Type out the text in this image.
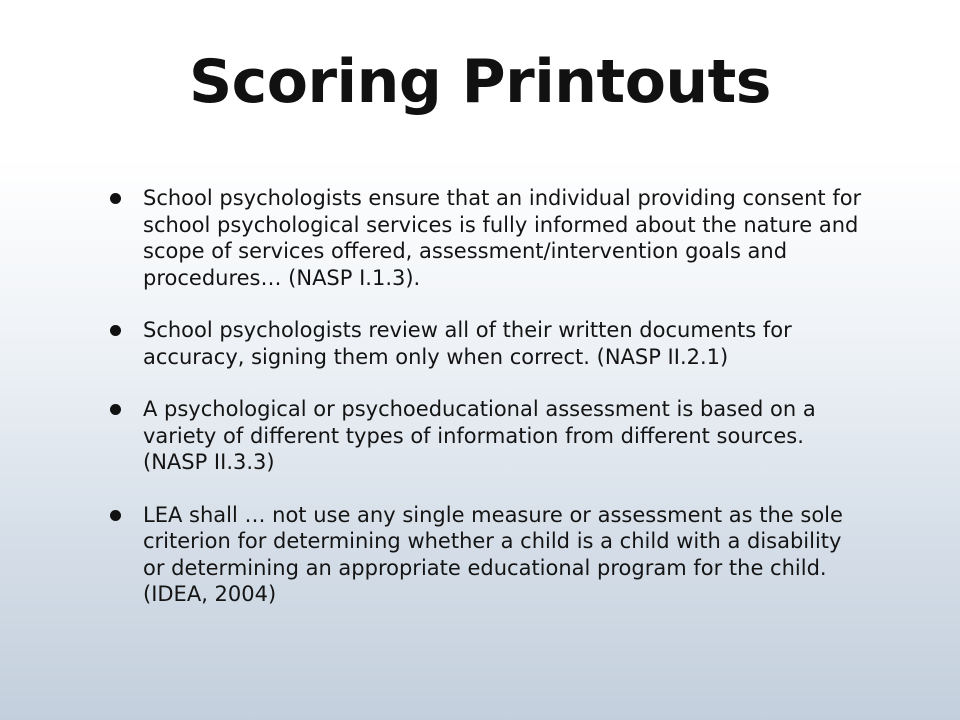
Scoring Printouts
School psychologists ensure that an individual providing consent for school psychological services is fully informed about the nature and scope of services offered, assessment/intervention goals and procedures… (NASP I.1.3).
School psychologists review all of their written documents for accuracy, signing them only when correct. (NASP II.2.1)
A psychological or psychoeducational assessment is based on a variety of different types of information from different sources. (NASP II.3.3)
LEA shall … not use any single measure or assessment as the sole criterion for determining whether a child is a child with a disability or determining an appropriate educational program for the child. (IDEA, 2004)
